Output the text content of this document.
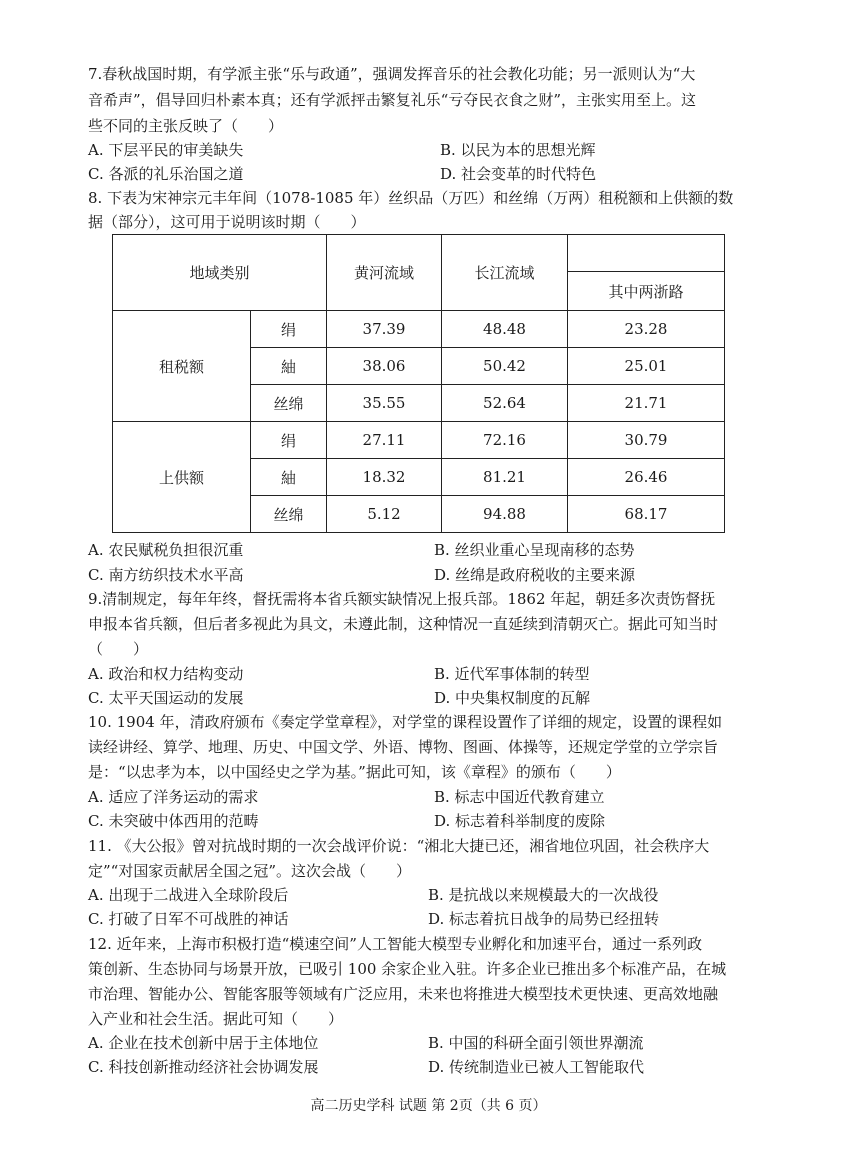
7.春秋战国时期，有学派主张“乐与政通”，强调发挥音乐的社会教化功能；另一派则认为“大
音希声”，倡导回归朴素本真；还有学派抨击繁复礼乐“亏夺民衣食之财”，主张实用至上。这
些不同的主张反映了（　　）
A. 下层平民的审美缺失	B. 以民为本的思想光辉
C. 各派的礼乐治国之道	D. 社会变革的时代特色
8. 下表为宋神宗元丰年间（1078-1085 年）丝织品（万匹）和丝绵（万两）租税额和上供额的数
据（部分），这可用于说明该时期（　　）
地域类别		黄河流域	长江流域	
				其中两浙路
租税额	绢	37.39	48.48	23.28
	紬	38.06	50.42	25.01
	丝绵	35.55	52.64	21.71
上供额	绢	27.11	72.16	30.79
	紬	18.32	81.21	26.46
	丝绵	5.12	94.88	68.17
A. 农民赋税负担很沉重	B. 丝织业重心呈现南移的态势
C. 南方纺织技术水平高	D. 丝绵是政府税收的主要来源
9.清制规定，每年年终，督抚需将本省兵额实缺情况上报兵部。1862 年起，朝廷多次责饬督抚
申报本省兵额，但后者多视此为具文，未遵此制，这种情况一直延续到清朝灭亡。据此可知当时
（　　）
A. 政治和权力结构变动	B. 近代军事体制的转型
C. 太平天国运动的发展	D. 中央集权制度的瓦解
10. 1904 年，清政府颁布《奏定学堂章程》，对学堂的课程设置作了详细的规定，设置的课程如
读经讲经、算学、地理、历史、中国文学、外语、博物、图画、体操等，还规定学堂的立学宗旨
是：“以忠孝为本，以中国经史之学为基。”据此可知，该《章程》的颁布（　　）
A. 适应了洋务运动的需求	B. 标志中国近代教育建立
C. 未突破中体西用的范畴	D. 标志着科举制度的废除
11. 《大公报》曾对抗战时期的一次会战评价说：“湘北大捷已还，湘省地位巩固，社会秩序大
定”“对国家贡献居全国之冠”。这次会战（　　）
A. 出现于二战进入全球阶段后	B. 是抗战以来规模最大的一次战役
C. 打破了日军不可战胜的神话	D. 标志着抗日战争的局势已经扭转
12. 近年来，上海市积极打造“模速空间”人工智能大模型专业孵化和加速平台，通过一系列政
策创新、生态协同与场景开放，已吸引 100 余家企业入驻。许多企业已推出多个标准产品，在城
市治理、智能办公、智能客服等领域有广泛应用，未来也将推进大模型技术更快速、更高效地融
入产业和社会生活。据此可知（　　）
A. 企业在技术创新中居于主体地位	B. 中国的科研全面引领世界潮流
C. 科技创新推动经济社会协调发展	D. 传统制造业已被人工智能取代
高二历史学科 试题 第 2页（共 6 页）
